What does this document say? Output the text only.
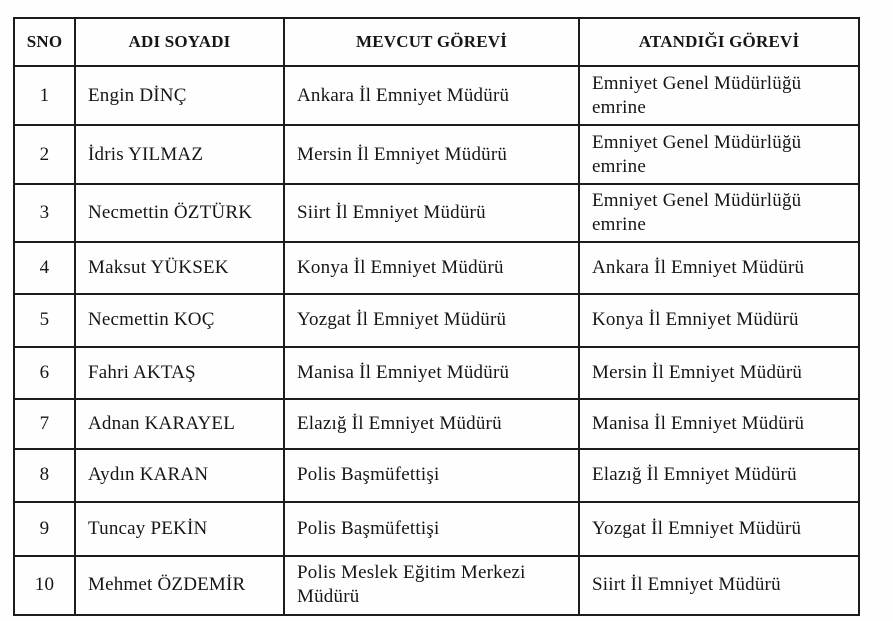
SNO	ADI SOYADI	MEVCUT GÖREVİ	ATANDIĞI GÖREVİ
1	Engin DİNÇ	Ankara İl Emniyet Müdürü	Emniyet Genel Müdürlüğü emrine
2	İdris YILMAZ	Mersin İl Emniyet Müdürü	Emniyet Genel Müdürlüğü emrine
3	Necmettin ÖZTÜRK	Siirt İl Emniyet Müdürü	Emniyet Genel Müdürlüğü emrine
4	Maksut YÜKSEK	Konya İl Emniyet Müdürü	Ankara İl Emniyet Müdürü
5	Necmettin KOÇ	Yozgat İl Emniyet Müdürü	Konya İl Emniyet Müdürü
6	Fahri AKTAŞ	Manisa İl Emniyet Müdürü	Mersin İl Emniyet Müdürü
7	Adnan KARAYEL	Elazığ İl Emniyet Müdürü	Manisa İl Emniyet Müdürü
8	Aydın KARAN	Polis Başmüfettişi	Elazığ İl Emniyet Müdürü
9	Tuncay PEKİN	Polis Başmüfettişi	Yozgat İl Emniyet Müdürü
10	Mehmet ÖZDEMİR	Polis Meslek Eğitim Merkezi Müdürü	Siirt İl Emniyet Müdürü
